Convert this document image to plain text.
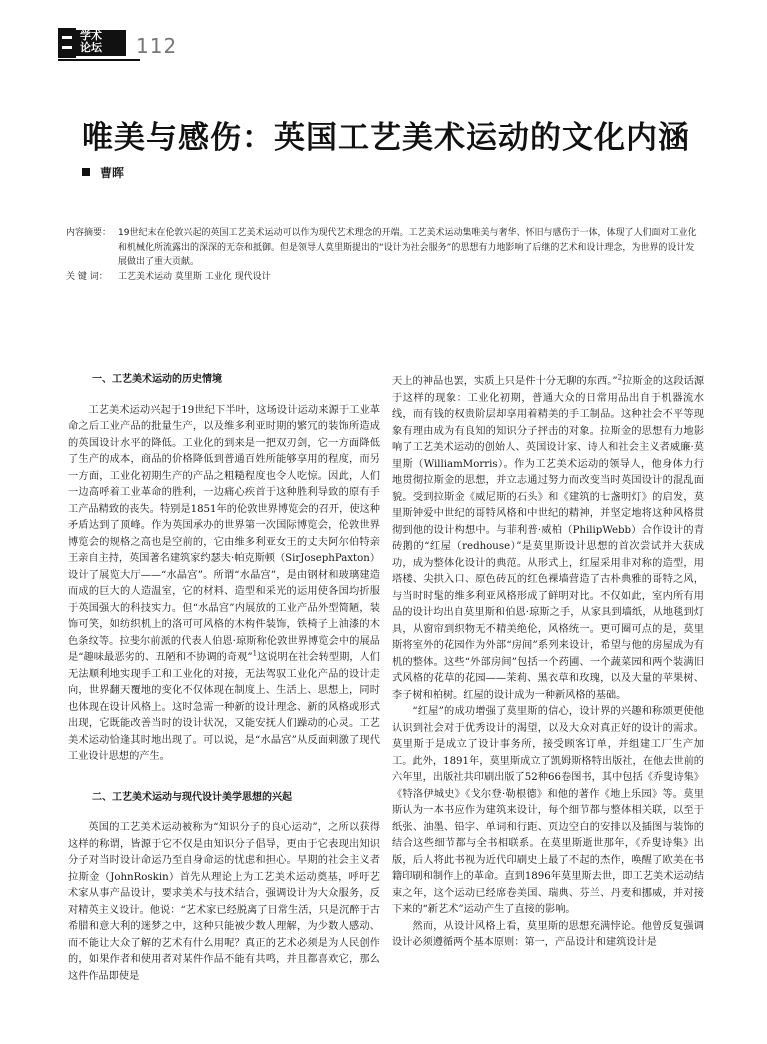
学术
论坛	112
唯美与感伤：英国工艺美术运动的文化内涵
曹晖
内容摘要： 19世纪末在伦敦兴起的英国工艺美术运动可以作为现代艺术理念的开端。工艺美术运动集唯美与奢华、怀旧与感伤于一体，体现了人们面对工业化和机械化所流露出的深深的无奈和抵御。但是领导人莫里斯提出的“设计为社会服务”的思想有力地影响了后继的艺术和设计理念，为世界的设计发展做出了重大贡献。
关 键 词：	工艺美术运动 莫里斯 工业化 现代设计
一、工艺美术运动的历史情境

工艺美术运动兴起于19世纪下半叶，这场设计运动来源于工业革命之后工业产品的批量生产，以及维多利亚时期的繁冗的装饰所造成的英国设计水平的降低。工业化的到来是一把双刃剑，它一方面降低了生产的成本，商品的价格降低到普通百姓所能够享用的程度，而另一方面，工业化初期生产的产品之粗糙程度也令人吃惊。因此，人们一边高呼着工业革命的胜利，一边痛心疾首于这种胜利导致的原有手工产品精致的丧失。特别是1851年的伦敦世界博览会的召开，使这种矛盾达到了顶峰。作为英国承办的世界第一次国际博览会，伦敦世界博览会的规格之高也是空前的，它由维多利亚女王的丈夫阿尔伯特亲王亲自主持，英国著名建筑家约瑟夫·帕克斯顿（SirJosephPaxton）设计了展览大厅——“水晶宫”。所谓“水晶宫”，是由钢材和玻璃建造而成的巨大的人造温室，它的材料、造型和采光的运用使各国均折服于英国强大的科技实力。但“水晶宫”内展放的工业产品外型简陋，装饰可笑，如纺织机上的洛可可风格的木构件装饰，铁椅子上油漆的木色条纹等。拉斐尔前派的代表人伯恩·琼斯称伦敦世界博览会中的展品是“趣味最恶劣的、丑陋和不协调的奇观”$^1$这说明在社会转型期，人们无法顺利地实现手工和工业化的对接，无法驾驭工业化产品的设计走向，世界翻天覆地的变化不仅体现在制度上、生活上、思想上，同时也体现在设计风格上。这时急需一种新的设计理念、新的风格或形式出现，它既能改善当时的设计状况，又能安抚人们躁动的心灵。工艺美术运动恰逢其时地出现了。可以说，是“水晶宫”从反面刺激了现代工业设计思想的产生。

二、工艺美术运动与现代设计美学思想的兴起

英国的工艺美术运动被称为“知识分子的良心运动”，之所以获得这样的称谓，皆源于它不仅是由知识分子倡导，更由于它表现出知识分子对当时设计命运乃至自身命运的忧虑和担心。早期的社会主义者拉斯金（JohnRoskin）首先从理论上为工艺美术运动奠基，呼吁艺术家从事产品设计，要求美术与技术结合，强调设计为大众服务，反对精英主义设计。他说：“艺术家已经脱离了日常生活，只是沉醉于古希腊和意大利的迷梦之中，这种只能被少数人理解，为少数人感动、而不能让大众了解的艺术有什么用呢？真正的艺术必须是为人民创作的，如果作者和使用者对某件作品不能有共鸣，并且都喜欢它，那么这件作品即使是

天上的神品也罢，实质上只是件十分无聊的东西。”$^2$拉斯金的这段话源于这样的现象：工业化初期，普通大众的日常用品出自于机器流水线，而有钱的权贵阶层却享用着精美的手工制品。这种社会不平等现象有理由成为有良知的知识分子抨击的对象。拉斯金的思想有力地影响了工艺美术运动的创始人、英国设计家、诗人和社会主义者威廉·莫里斯（WilliamMorris）。作为工艺美术运动的领导人，他身体力行地贯彻拉斯金的思想，并立志通过努力而改变当时英国设计的混乱面貌。受到拉斯金《威尼斯的石头》和《建筑的七盏明灯》的启发，莫里斯钟爱中世纪的哥特风格和中世纪的精神，并坚定地将这种风格贯彻到他的设计构想中。与菲利普·威柏（PhilipWebb）合作设计的青砖鹅的“红屋（redhouse）”是莫里斯设计思想的首次尝试并大获成功，成为整体化设计的典范。从形式上，红屋采用非对称的造型，用塔楼、尖拱入口、原色砖瓦的红色裸墙营造了古朴典雅的哥特之风，与当时时髦的维多利亚风格形成了鲜明对比。不仅如此，室内所有用品的设计均出自莫里斯和伯恩·琼斯之手，从家具到墙纸，从地毯到灯具，从窗帘到织物无不精美绝伦，风格统一。更可圈可点的是，莫里斯将室外的花园作为外部“房间”系列来设计，希望与他的房屋成为有机的整体。这些“外部房间”包括一个药圃、一个蔬菜园和两个装满旧式风格的花草的花园——茉莉、黑衣草和玫瑰，以及大量的苹果树、李子树和柏树。红屋的设计成为一种新风格的基础。

“红屋”的成功增强了莫里斯的信心，设计界的兴趣和称颂更使他认识到社会对于优秀设计的渴望，以及大众对真正好的设计的需求。莫里斯于是成立了设计事务所，接受顾客订单，并组建工厂生产加工。此外，1891年，莫里斯成立了凯姆斯格特出版社，在他去世前的六年里，出版社共印刷出版了52种66卷图书，其中包括《乔叟诗集》《特洛伊城史》《戈尔登·勒根德》和他的著作《地上乐园》等。莫里斯认为一本书应作为建筑来设计，每个细节都与整体相关联，以至于纸张、油墨、铅字、单词和行距、页边空白的安排以及插图与装饰的结合这些细节都与全书相联系。在莫里斯逝世那年，《乔叟诗集》出版，后人将此书视为近代印刷史上最了不起的杰作，唤醒了欧美在书籍印刷和制作上的革命。直到1896年莫里斯去世，即工艺美术运动结束之年，这个运动已经席卷美国、瑞典、芬兰、丹麦和挪威，并对接下来的“新艺术”运动产生了直接的影响。

然而，从设计风格上看，莫里斯的思想充满悖论。他曾反复强调设计必须遵循两个基本原则：第一，产品设计和建筑设计是
